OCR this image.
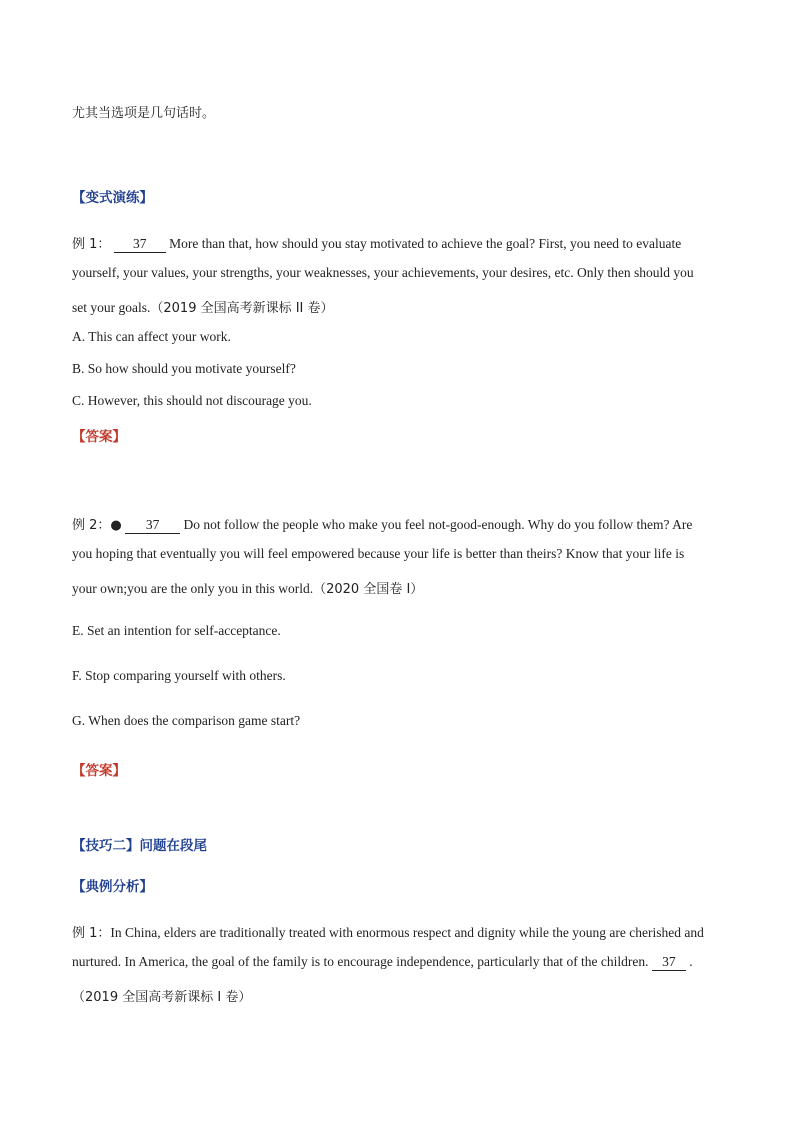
尤其当选项是几句话时。
【变式演练】
例 1： 37 More than that, how should you stay motivated to achieve the goal? First, you need to evaluate
yourself, your values, your strengths, your weaknesses, your achievements, your desires, etc. Only then should you
set your goals.（2019 全国高考新课标 II 卷）
A. This can affect your work.
B. So how should you motivate yourself?
C. However, this should not discourage you.
【答案】
例 2：● 37 Do not follow the people who make you feel not-good-enough. Why do you follow them? Are
you hoping that eventually you will feel empowered because your life is better than theirs? Know that your life is
your own;you are the only you in this world.（2020 全国卷 I）
E. Set an intention for self-acceptance.
F. Stop comparing yourself with others.
G. When does the comparison game start?
【答案】
【技巧二】问题在段尾
【典例分析】
例 1：In China, elders are traditionally treated with enormous respect and dignity while the young are cherished and
nurtured. In America, the goal of the family is to encourage independence, particularly that of the children. 37 .
（2019 全国高考新课标 I 卷）
